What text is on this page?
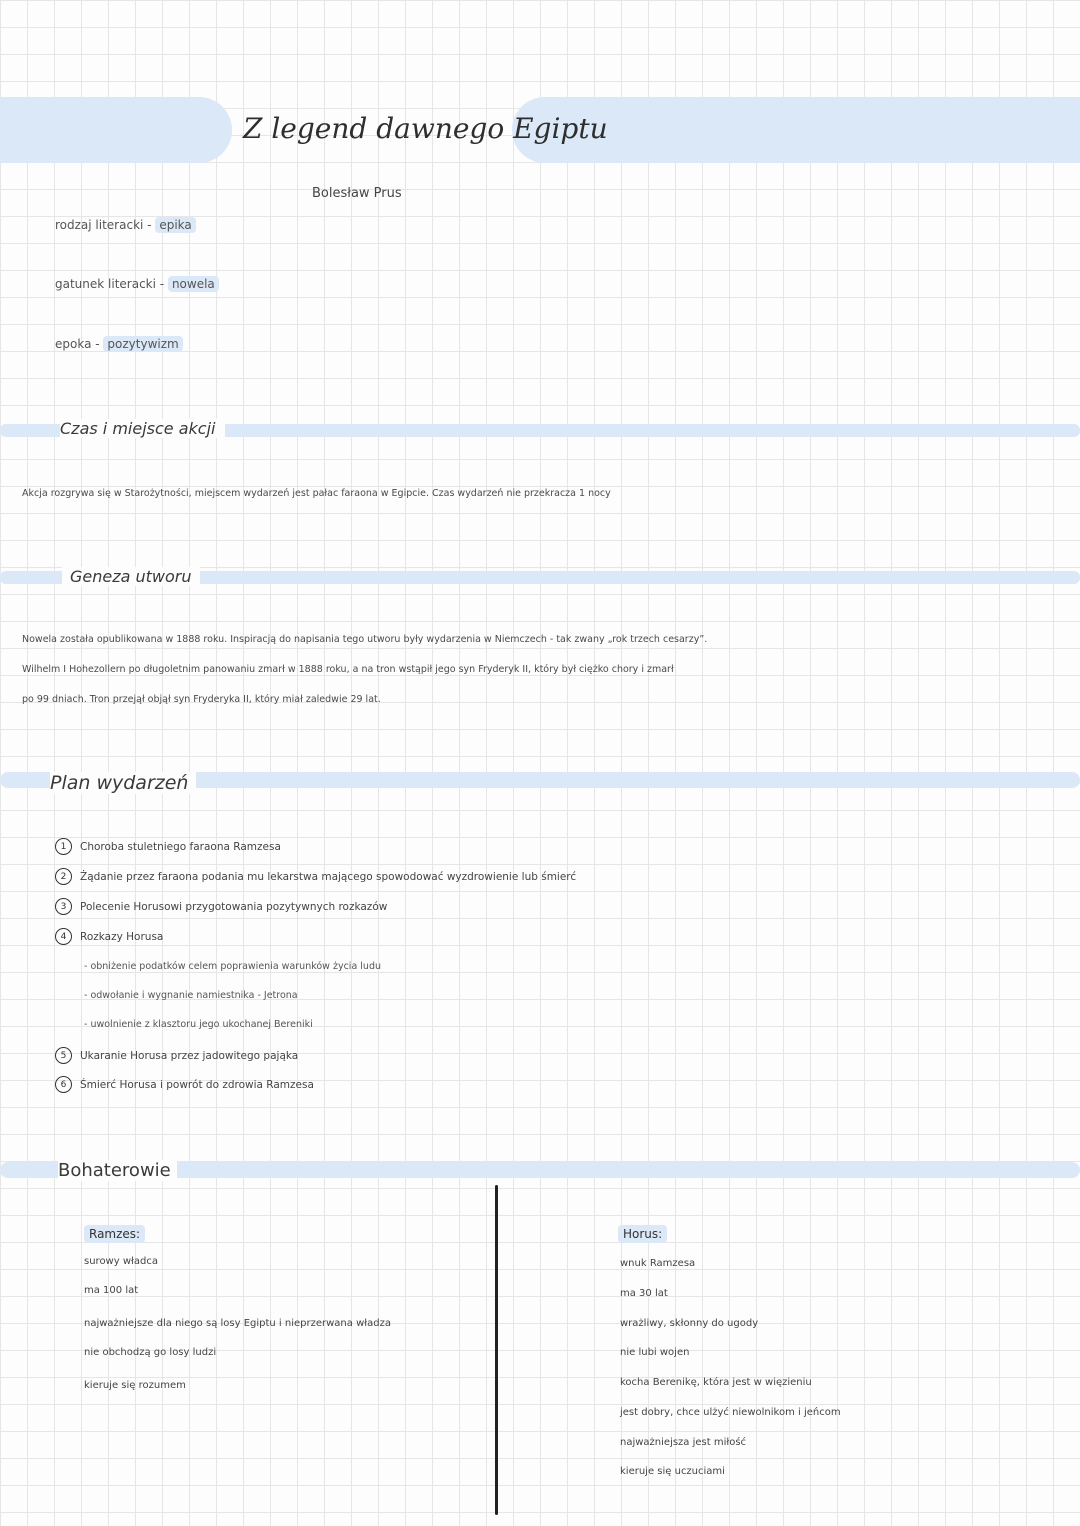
Z legend dawnego Egiptu
Bolesław Prus
rodzaj literacki - epika
gatunek literacki - nowela
epoka - pozytywizm
Czas i miejsce akcji
Akcja rozgrywa się w Starożytności, miejscem wydarzeń jest pałac faraona w Egipcie. Czas wydarzeń nie przekracza 1 nocy
Geneza utworu
Nowela została opublikowana w 1888 roku. Inspiracją do napisania tego utworu były wydarzenia w Niemczech - tak zwany „rok trzech cesarzy”.
Wilhelm I Hohezollern po długoletnim panowaniu zmarł w 1888 roku, a na tron wstąpił jego syn Fryderyk II, który był ciężko chory i zmarł
po 99 dniach. Tron przejął objął syn Fryderyka II, który miał zaledwie 29 lat.
Plan wydarzeń
1	Choroba stuletniego faraona Ramzesa
2	Żądanie przez faraona podania mu lekarstwa mającego spowodować wyzdrowienie lub śmierć
3	Polecenie Horusowi przygotowania pozytywnych rozkazów
4	Rozkazy Horusa
- obniżenie podatków celem poprawienia warunków życia ludu
- odwołanie i wygnanie namiestnika - Jetrona
- uwolnienie z klasztoru jego ukochanej Bereniki
5	Ukaranie Horusa przez jadowitego pająka
6	Śmierć Horusa i powrót do zdrowia Ramzesa
Bohaterowie
Ramzes:
surowy władca
ma 100 lat
najważniejsze dla niego są losy Egiptu i nieprzerwana władza
nie obchodzą go losy ludzi
kieruje się rozumem
Horus:
wnuk Ramzesa
ma 30 lat
wrażliwy, skłonny do ugody
nie lubi wojen
kocha Berenikę, która jest w więzieniu
jest dobry, chce ulżyć niewolnikom i jeńcom
najważniejsza jest miłość
kieruje się uczuciami
